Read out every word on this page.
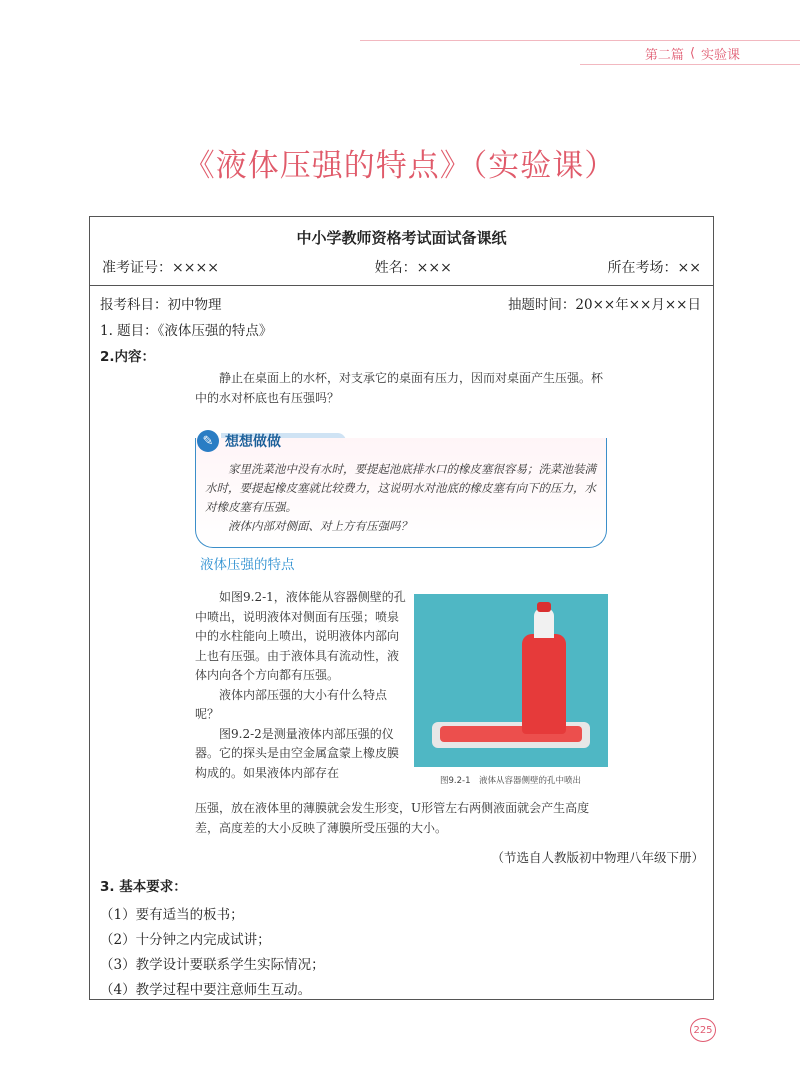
第二篇 ⟨ 实验课
《液体压强的特点》（实验课）
中小学教师资格考试面试备课纸
准考证号：××××	姓名：×××	所在考场：××
报考科目：初中物理	抽题时间：20××年××月××日
1. 题目：《液体压强的特点》
2.内容：
3. 基本要求：
（1）要有适当的板书；
（2）十分钟之内完成试讲；
（3）教学设计要联系学生实际情况；
（4）教学过程中要注意师生互动。

静止在桌面上的水杯，对支承它的桌面有压力，因而对桌面产生压强。杯中的水对杯底也有压强吗？

✎ 想想做做

家里洗菜池中没有水时，要提起池底排水口的橡皮塞很容易；洗菜池装满水时，要提起橡皮塞就比较费力，这说明水对池底的橡皮塞有向下的压力，水对橡皮塞有压强。

液体内部对侧面、对上方有压强吗？

液体压强的特点

如图9.2-1，液体能从容器侧壁的孔中喷出，说明液体对侧面有压强；喷泉中的水柱能向上喷出，说明液体内部向上也有压强。由于液体具有流动性，液体内向各个方向都有压强。

液体内部压强的大小有什么特点呢？

图9.2-2是测量液体内部压强的仪器。它的探头是由空金属盒蒙上橡皮膜构成的。如果液体内部存在

压强，放在液体里的薄膜就会发生形变，U形管左右两侧液面就会产生高度差，高度差的大小反映了薄膜所受压强的大小。
图9.2-1　液体从容器侧壁的孔中喷出
（节选自人教版初中物理八年级下册）
225
